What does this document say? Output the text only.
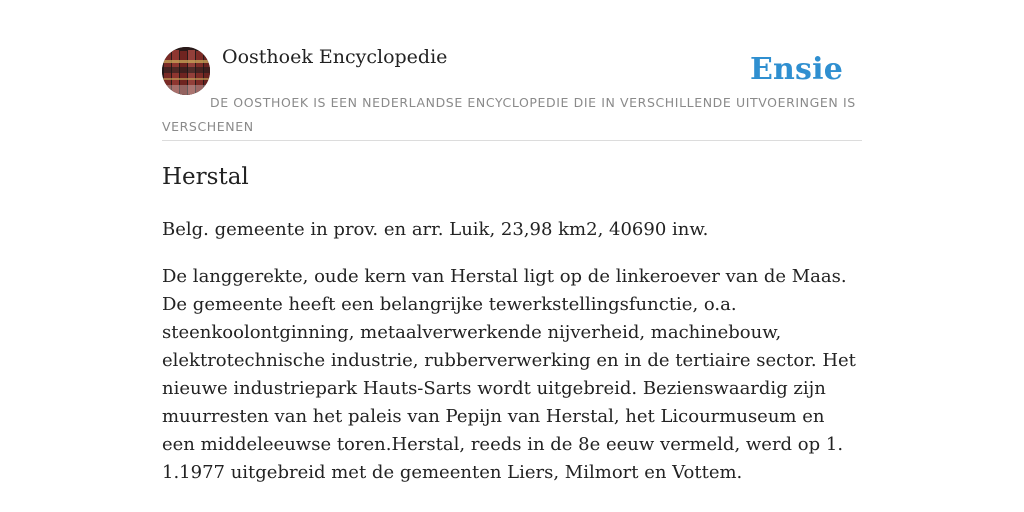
Oosthoek Encyclopedie	Ensie
DE OOSTHOEK IS EEN NEDERLANDSE ENCYCLOPEDIE DIE IN VERSCHILLENDE UITVOERINGEN IS VERSCHENEN
Herstal

Belg. gemeente in prov. en arr. Luik, 23,98 km2, 40690 inw.

De langgerekte, oude kern van Herstal ligt op de linkeroever van de Maas. De gemeente heeft een belangrijke tewerkstellingsfunctie, o.a. steenkoolontginning, metaalverwerkende nijverheid, machinebouw, elektrotechnische industrie, rubberverwerking en in de tertiaire sector. Het nieuwe industriepark Hauts-Sarts wordt uitgebreid. Bezienswaardig zijn muurresten van het paleis van Pepijn van Herstal, het Licourmuseum en een middeleeuwse toren.Herstal, reeds in de 8e eeuw vermeld, werd op 1. 1.1977 uitgebreid met de gemeenten Liers, Milmort en Vottem.
